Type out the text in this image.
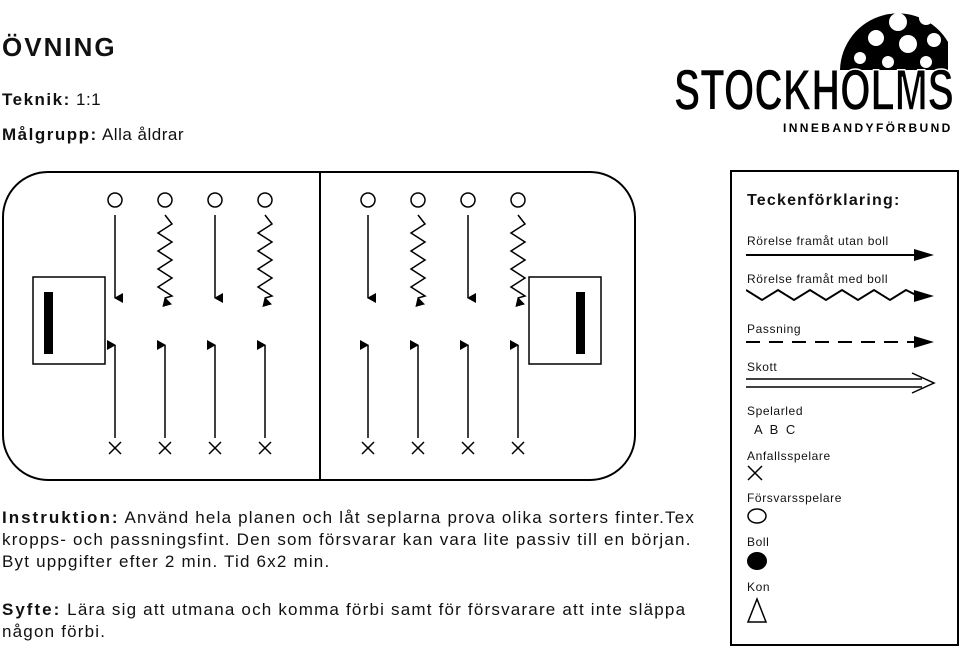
ÖVNING
Teknik: 1:1
Målgrupp: Alla åldrar
STOCKHOLMS
INNEBANDYFÖRBUND
Teckenförklaring:
Rörelse framåt utan boll
Rörelse framåt med boll
Passning
Skott
Spelarled
A B C
Anfallsspelare
Försvarsspelare
Boll
Kon
Instruktion: Använd hela planen och låt seplarna prova olika sorters finter.Tex kropps- och passningsfint. Den som försvarar kan vara lite passiv till en början. Byt uppgifter efter 2 min. Tid 6x2 min.
Syfte: Lära sig att utmana och komma förbi samt för försvarare att inte släppa någon förbi.
